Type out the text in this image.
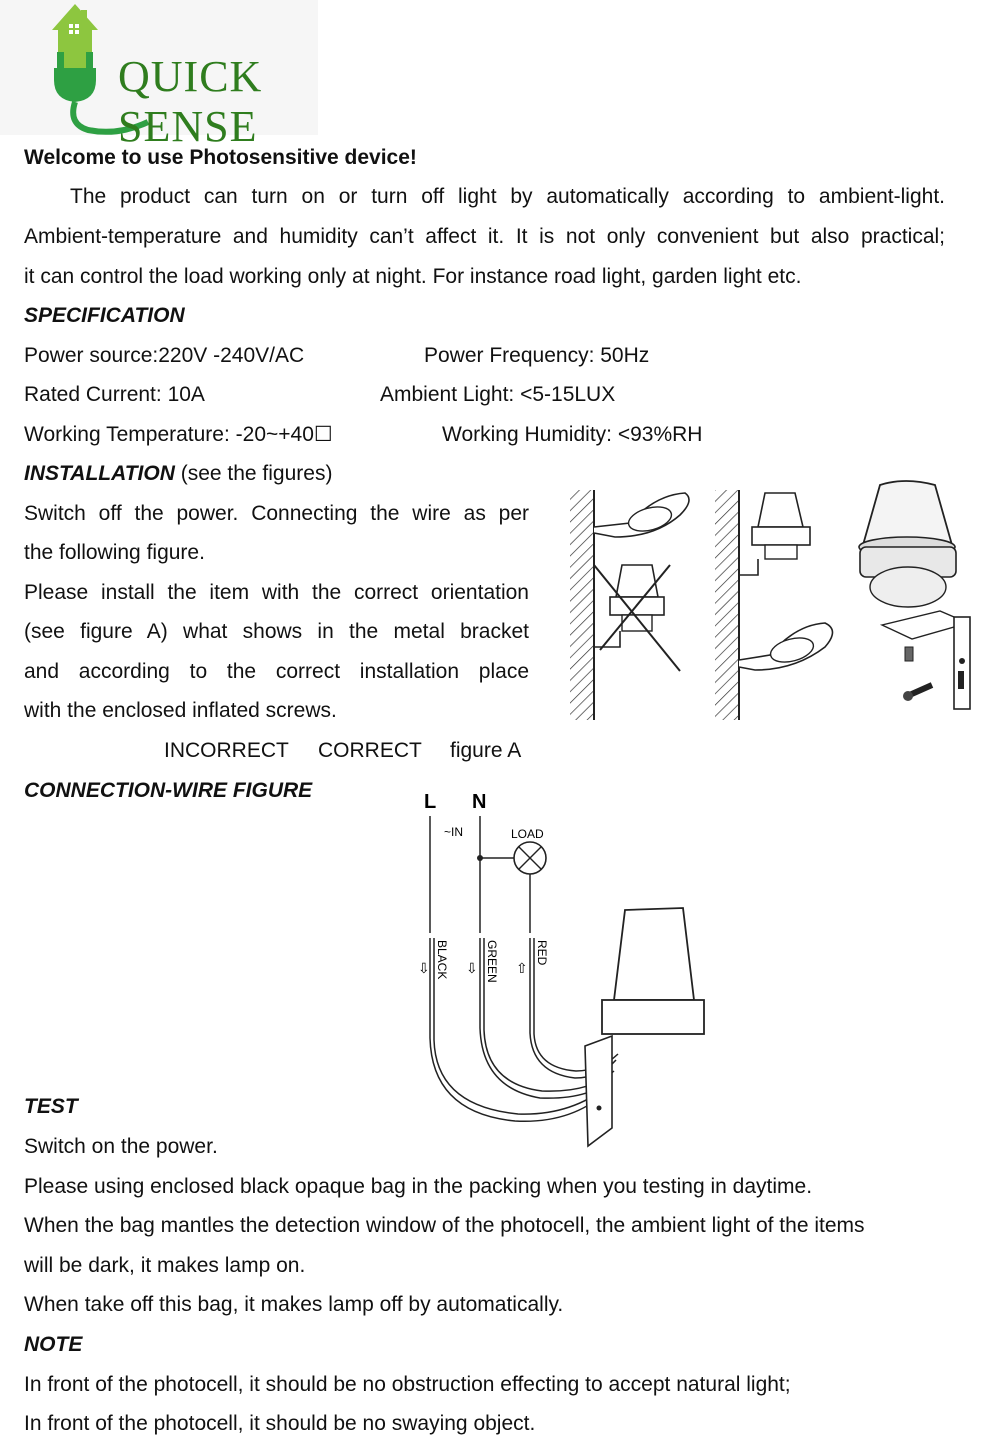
QUICK SENSE
Welcome to use Photosensitive device!
The product can turn on or turn off light by automatically according to ambient-light.
Ambient-temperature and humidity can’t affect it. It is not only convenient but also practical;
it can control the load working only at night. For instance road light, garden light etc.
SPECIFICATION
Power source:220V -240V/AC	Power Frequency: 50Hz
Rated Current: 10A	Ambient Light: <5-15LUX
Working Temperature: -20~+40☐	Working Humidity: <93%RH
INSTALLATION (see the figures)
Switch off the power. Connecting the wire as per
the following figure.
Please install the item with the correct orientation
(see figure A) what shows in the metal bracket
and according to the correct installation place
with the enclosed inflated screws.
INCORRECT CORRECT figure A
CONNECTION-WIRE FIGURE	L N
~IN	LOAD
BLACK	GREEN	RED
⇩	⇩	⇧
TEST
Switch on the power.
Please using enclosed black opaque bag in the packing when you testing in daytime.
When the bag mantles the detection window of the photocell, the ambient light of the items
will be dark, it makes lamp on.
When take off this bag, it makes lamp off by automatically.
NOTE
In front of the photocell, it should be no obstruction effecting to accept natural light;
In front of the photocell, it should be no swaying object.
